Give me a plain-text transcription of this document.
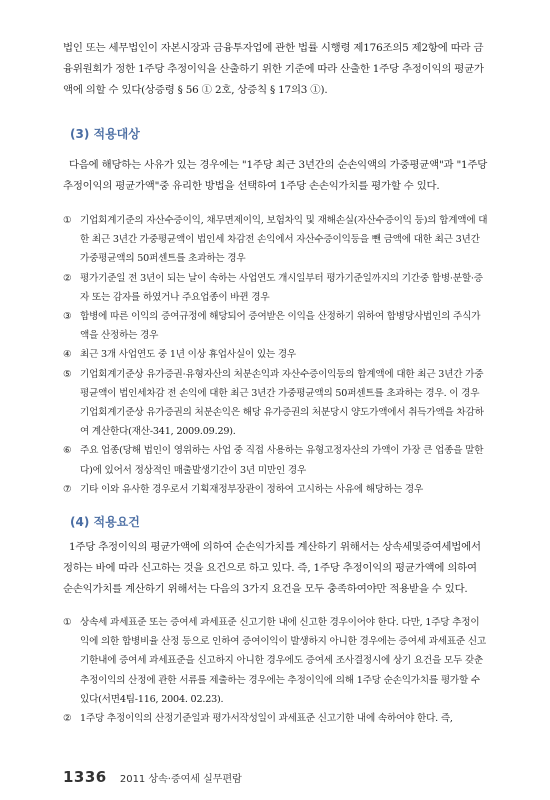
법인 또는 세무법인이 자본시장과 금융투자업에 관한 법률 시행령 제176조의5 제2항에 따라 금융위원회가 정한 1주당 추정이익을 산출하기 위한 기준에 따라 산출한 1주당 추정이익의 평균가액에 의할 수 있다(상증령 § 56 ① 2호, 상증칙 § 17의3 ①).
(3) 적용대상
다음에 해당하는 사유가 있는 경우에는 "1주당 최근 3년간의 순손익액의 가중평균액"과 "1주당 추정이익의 평균가액"중 유리한 방법을 선택하여 1주당 손손익가치를 평가할 수 있다.
① 기업회계기준의 자산수증이익, 채무면제이익, 보험차익 및 재해손실(자산수증이익 등)의 합계액에 대한 최근 3년간 가중평균액이 법인세 차감전 손익에서 자산수증이익등을 뺀 금액에 대한 최근 3년간 가중평균액의 50퍼센트를 초과하는 경우
② 평가기준일 전 3년이 되는 날이 속하는 사업연도 개시일부터 평가기준일까지의 기간중 합병·분할·증자 또는 감자를 하였거나 주요업종이 바뀐 경우
③ 합병에 따른 이익의 증여규정에 해당되어 증여받은 이익을 산정하기 위하여 합병당사법인의 주식가액을 산정하는 경우
④ 최근 3개 사업연도 중 1년 이상 휴업사실이 있는 경우
⑤ 기업회계기준상 유가증권·유형자산의 처분손익과 자산수증이익등의 합계액에 대한 최근 3년간 가중평균액이 법인세차감 전 손익에 대한 최근 3년간 가중평균액의 50퍼센트를 초과하는 경우. 이 경우 기업회계기준상 유가증권의 처분손익은 해당 유가증권의 처분당시 양도가액에서 취득가액을 차감하여 계산한다(재산-341, 2009.09.29).
⑥ 주요 업종(당해 법인이 영위하는 사업 중 직접 사용하는 유형고정자산의 가액이 가장 큰 업종을 말한다)에 있어서 정상적인 매출발생기간이 3년 미만인 경우
⑦ 기타 이와 유사한 경우로서 기획재정부장관이 정하여 고시하는 사유에 해당하는 경우
(4) 적용요건
1주당 추정이익의 평균가액에 의하여 순손익가치를 계산하기 위해서는 상속세및증여세법에서 정하는 바에 따라 신고하는 것을 요건으로 하고 있다. 즉, 1주당 추정이익의 평균가액에 의하여 순손익가치를 계산하기 위해서는 다음의 3가지 요건을 모두 충족하여야만 적용받을 수 있다.
① 상속세 과세표준 또는 증여세 과세표준 신고기한 내에 신고한 경우이어야 한다. 다만, 1주당 추정이익에 의한 합병비율 산정 등으로 인하여 증여이익이 발생하지 아니한 경우에는 증여세 과세표준 신고기한내에 증여세 과세표준을 신고하지 아니한 경우에도 증여세 조사결정시에 상기 요건을 모두 갖춘 추정이익의 산정에 관한 서류를 제출하는 경우에는 추정이익에 의해 1주당 순손익가치를 평가할 수 있다(서면4팀-116, 2004. 02.23).
② 1주당 추정이익의 산정기준일과 평가서작성일이 과세표준 신고기한 내에 속하여야 한다. 즉,
1336 2011 상속·증여세 실무편람
